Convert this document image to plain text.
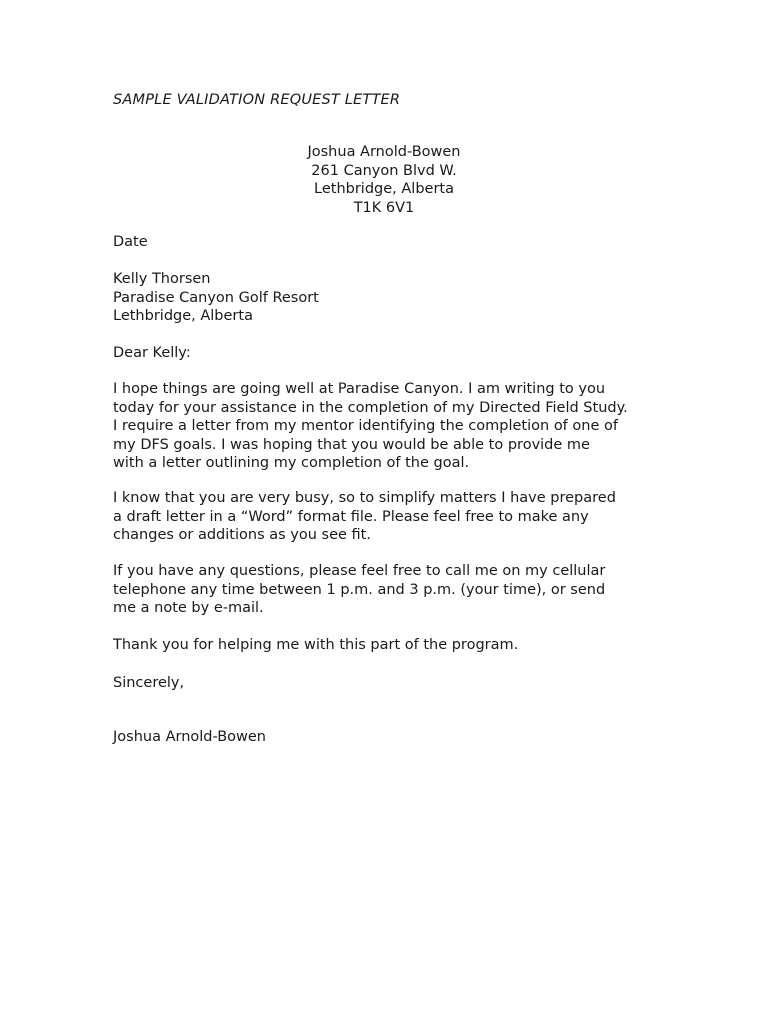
SAMPLE VALIDATION REQUEST LETTER
Joshua Arnold-Bowen
261 Canyon Blvd W.
Lethbridge, Alberta
T1K 6V1
Date
Kelly Thorsen
Paradise Canyon Golf Resort
Lethbridge, Alberta
Dear Kelly:
I hope things are going well at Paradise Canyon. I am writing to you
today for your assistance in the completion of my Directed Field Study.
I require a letter from my mentor identifying the completion of one of
my DFS goals. I was hoping that you would be able to provide me
with a letter outlining my completion of the goal.
I know that you are very busy, so to simplify matters I have prepared
a draft letter in a “Word” format file. Please feel free to make any
changes or additions as you see fit.
If you have any questions, please feel free to call me on my cellular
telephone any time between 1 p.m. and 3 p.m. (your time), or send
me a note by e-mail.
Thank you for helping me with this part of the program.
Sincerely,
Joshua Arnold-Bowen
